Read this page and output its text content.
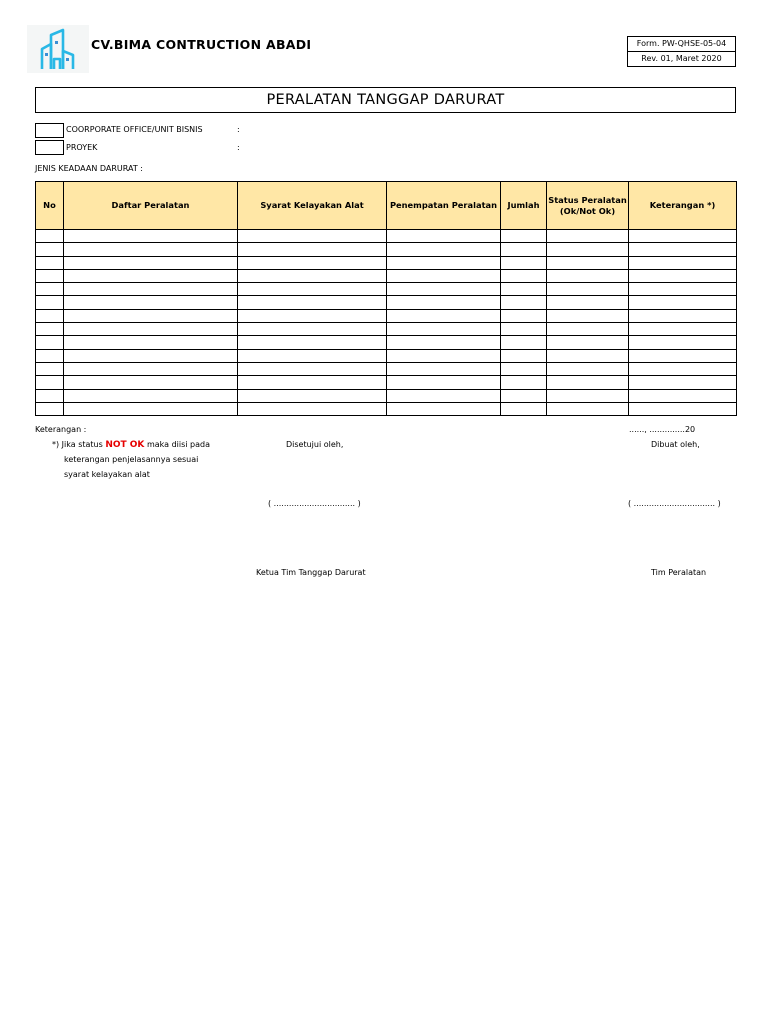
CV.BIMA CONTRUCTION ABADI	Form. PW-QHSE-05-04
Rev. 01, Maret 2020
PERALATAN TANGGAP DARURAT
COORPORATE OFFICE/UNIT BISNIS	:
PROYEK	:
JENIS KEADAAN DARURAT :
No	Daftar Peralatan	Syarat Kelayakan Alat	Penempatan Peralatan	Jumlah	Status Peralatan (Ok/Not Ok)	Keterangan *)

Keterangan :
*) Jika status NOT OK maka diisi pada
keterangan penjelasannya sesuai
syarat kelayakan alat
......, ..............20
Disetujui oleh,	Dibuat oleh,
( ................................ )	( ................................ )
Ketua Tim Tanggap Darurat	Tim Peralatan
